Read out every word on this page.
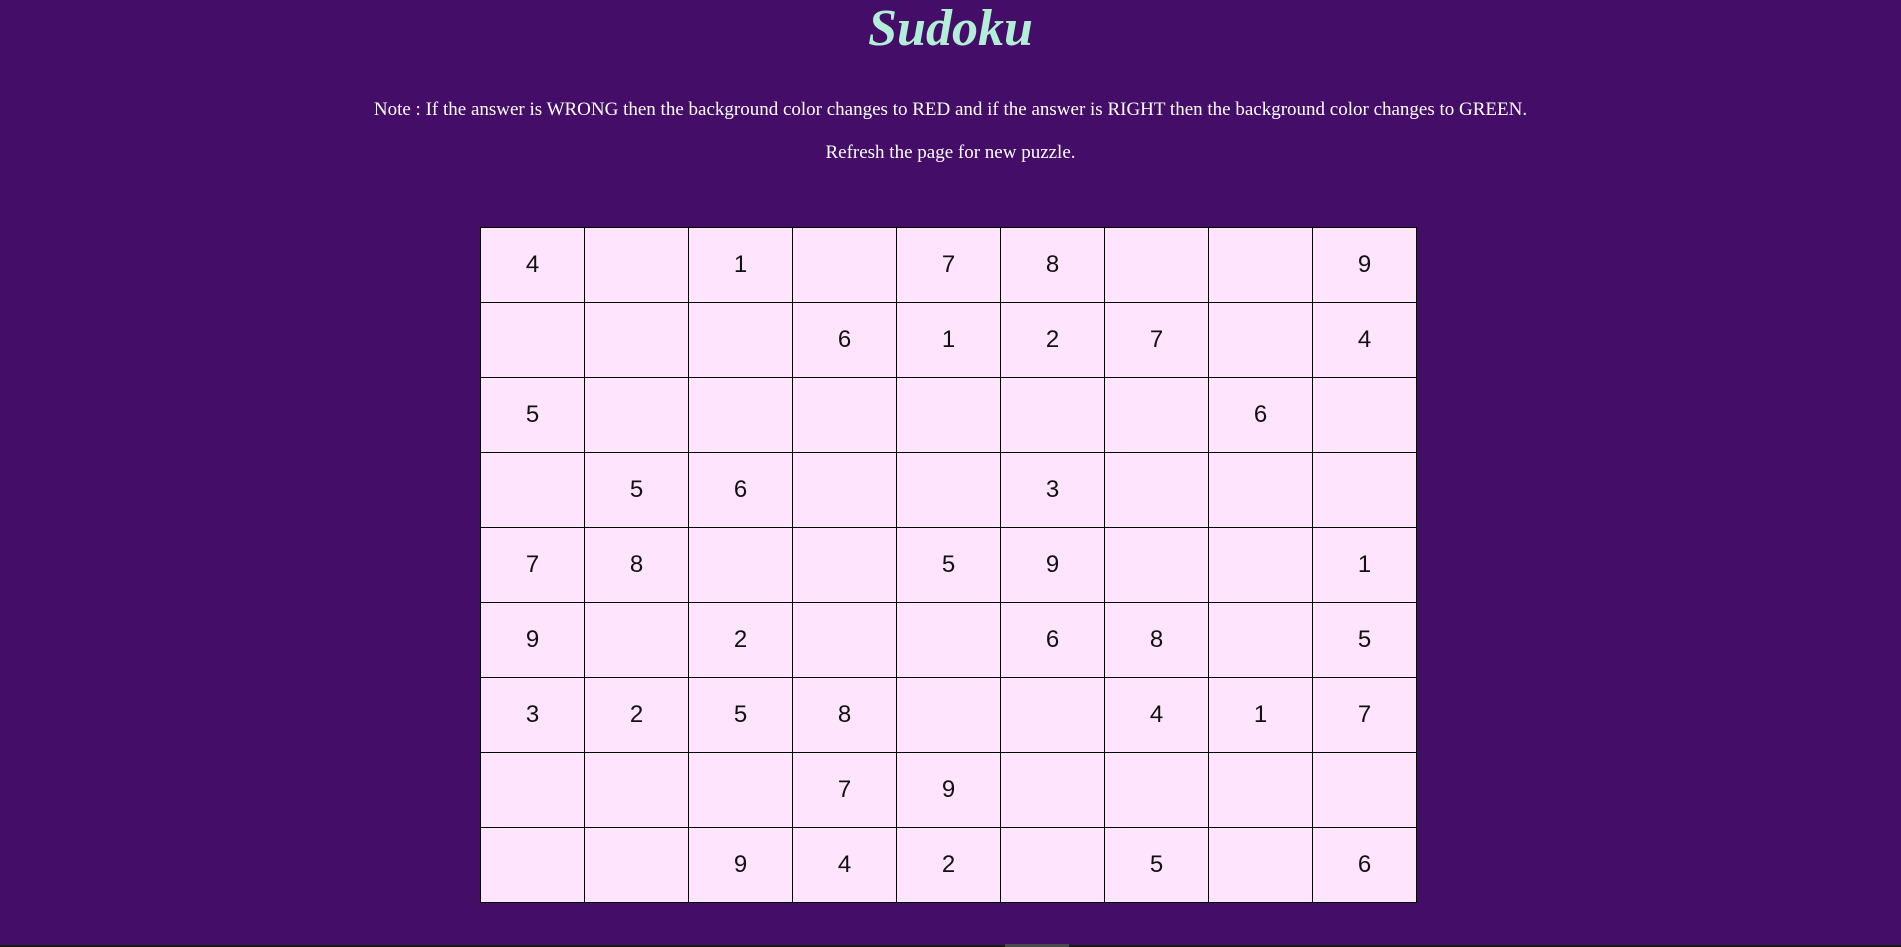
Sudoku

Note : If the answer is WRONG then the background color changes to RED and if the answer is RIGHT then the background color changes to GREEN.

Refresh the page for new puzzle.

4		1		7	8			9
			6	1	2	7		4
5							6	
	5	6			3			
7	8			5	9			1
9		2			6	8		5
3	2	5	8			4	1	7
			7	9				
		9	4	2		5		6
